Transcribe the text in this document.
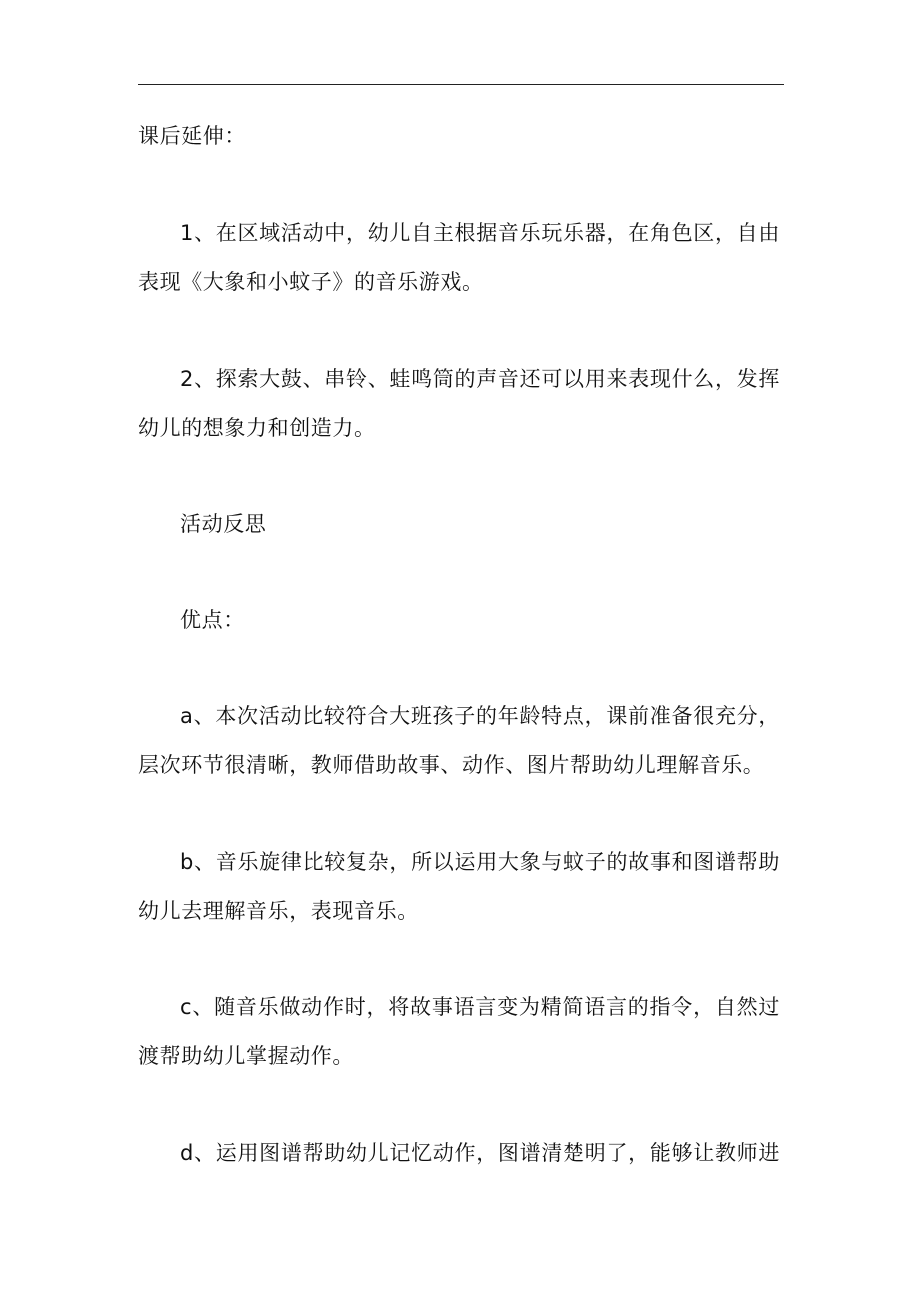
课后延伸：

1、在区域活动中，幼儿自主根据音乐玩乐器，在角色区，自由

表现《大象和小蚊子》的音乐游戏。

2、探索大鼓、串铃、蛙鸣筒的声音还可以用来表现什么，发挥

幼儿的想象力和创造力。

活动反思

优点：

a、本次活动比较符合大班孩子的年龄特点，课前准备很充分，

层次环节很清晰，教师借助故事、动作、图片帮助幼儿理解音乐。

b、音乐旋律比较复杂，所以运用大象与蚊子的故事和图谱帮助

幼儿去理解音乐，表现音乐。

c、随音乐做动作时，将故事语言变为精简语言的指令，自然过

渡帮助幼儿掌握动作。

d、运用图谱帮助幼儿记忆动作，图谱清楚明了，能够让教师进
